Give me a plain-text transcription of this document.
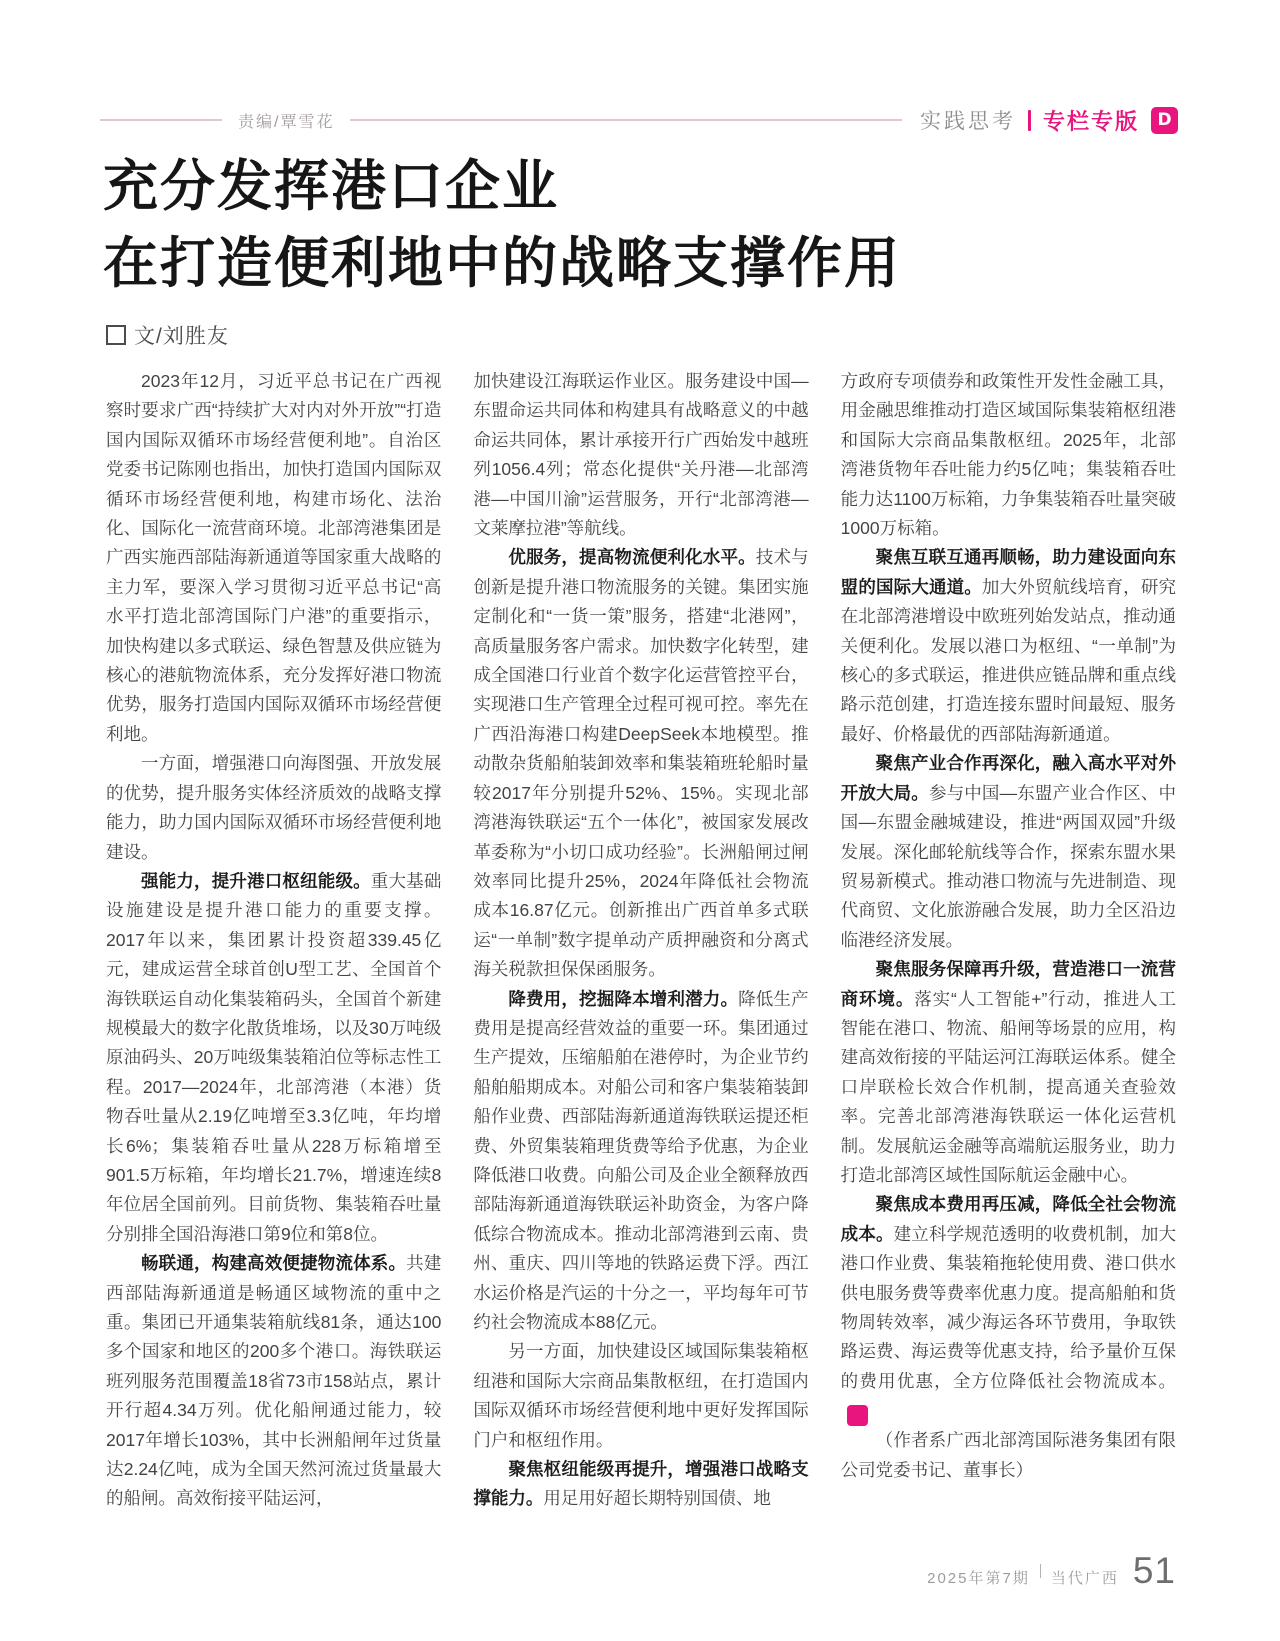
责编/覃雪花	实践思考 专栏专版	D
充分发挥港口企业
在打造便利地中的战略支撑作用
文/刘胜友

2023年12月，习近平总书记在广西视察时要求广西“持续扩大对内对外开放”“打造国内国际双循环市场经营便利地”。自治区党委书记陈刚也指出，加快打造国内国际双循环市场经营便利地，构建市场化、法治化、国际化一流营商环境。北部湾港集团是广西实施西部陆海新通道等国家重大战略的主力军，要深入学习贯彻习近平总书记“高水平打造北部湾国际门户港”的重要指示，加快构建以多式联运、绿色智慧及供应链为核心的港航物流体系，充分发挥好港口物流优势，服务打造国内国际双循环市场经营便利地。

一方面，增强港口向海图强、开放发展的优势，提升服务实体经济质效的战略支撑能力，助力国内国际双循环市场经营便利地建设。

强能力，提升港口枢纽能级。重大基础设施建设是提升港口能力的重要支撑。2017年以来，集团累计投资超339.45亿元，建成运营全球首创U型工艺、全国首个海铁联运自动化集装箱码头，全国首个新建规模最大的数字化散货堆场，以及30万吨级原油码头、20万吨级集装箱泊位等标志性工程。2017—2024年，北部湾港（本港）货物吞吐量从2.19亿吨增至3.3亿吨，年均增长6%；集装箱吞吐量从228万标箱增至901.5万标箱，年均增长21.7%，增速连续8年位居全国前列。目前货物、集装箱吞吐量分别排全国沿海港口第9位和第8位。

畅联通，构建高效便捷物流体系。共建西部陆海新通道是畅通区域物流的重中之重。集团已开通集装箱航线81条，通达100多个国家和地区的200多个港口。海铁联运班列服务范围覆盖18省73市158站点，累计开行超4.34万列。优化船闸通过能力，较2017年增长103%，其中长洲船闸年过货量达2.24亿吨，成为全国天然河流过货量最大的船闸。高效衔接平陆运河，

加快建设江海联运作业区。服务建设中国—东盟命运共同体和构建具有战略意义的中越命运共同体，累计承接开行广西始发中越班列1056.4列；常态化提供“关丹港—北部湾港—中国川渝”运营服务，开行“北部湾港—文莱摩拉港”等航线。

优服务，提高物流便利化水平。技术与创新是提升港口物流服务的关键。集团实施定制化和“一货一策”服务，搭建“北港网”，高质量服务客户需求。加快数字化转型，建成全国港口行业首个数字化运营管控平台，实现港口生产管理全过程可视可控。率先在广西沿海港口构建DeepSeek本地模型。推动散杂货船舶装卸效率和集装箱班轮船时量较2017年分别提升52%、15%。实现北部湾港海铁联运“五个一体化”，被国家发展改革委称为“小切口成功经验”。长洲船闸过闸效率同比提升25%，2024年降低社会物流成本16.87亿元。创新推出广西首单多式联运“一单制”数字提单动产质押融资和分离式海关税款担保保函服务。

降费用，挖掘降本增利潜力。降低生产费用是提高经营效益的重要一环。集团通过生产提效，压缩船舶在港停时，为企业节约船舶船期成本。对船公司和客户集装箱装卸船作业费、西部陆海新通道海铁联运提还柜费、外贸集装箱理货费等给予优惠，为企业降低港口收费。向船公司及企业全额释放西部陆海新通道海铁联运补助资金，为客户降低综合物流成本。推动北部湾港到云南、贵州、重庆、四川等地的铁路运费下浮。西江水运价格是汽运的十分之一，平均每年可节约社会物流成本88亿元。

另一方面，加快建设区域国际集装箱枢纽港和国际大宗商品集散枢纽，在打造国内国际双循环市场经营便利地中更好发挥国际门户和枢纽作用。

聚焦枢纽能级再提升，增强港口战略支撑能力。用足用好超长期特别国债、地

方政府专项债券和政策性开发性金融工具，用金融思维推动打造区域国际集装箱枢纽港和国际大宗商品集散枢纽。2025年，北部湾港货物年吞吐能力约5亿吨；集装箱吞吐能力达1100万标箱，力争集装箱吞吐量突破1000万标箱。

聚焦互联互通再顺畅，助力建设面向东盟的国际大通道。加大外贸航线培育，研究在北部湾港增设中欧班列始发站点，推动通关便利化。发展以港口为枢纽、“一单制”为核心的多式联运，推进供应链品牌和重点线路示范创建，打造连接东盟时间最短、服务最好、价格最优的西部陆海新通道。

聚焦产业合作再深化，融入高水平对外开放大局。参与中国—东盟产业合作区、中国—东盟金融城建设，推进“两国双园”升级发展。深化邮轮航线等合作，探索东盟水果贸易新模式。推动港口物流与先进制造、现代商贸、文化旅游融合发展，助力全区沿边临港经济发展。

聚焦服务保障再升级，营造港口一流营商环境。落实“人工智能+”行动，推进人工智能在港口、物流、船闸等场景的应用，构建高效衔接的平陆运河江海联运体系。健全口岸联检长效合作机制，提高通关查验效率。完善北部湾港海铁联运一体化运营机制。发展航运金融等高端航运服务业，助力打造北部湾区域性国际航运金融中心。

聚焦成本费用再压减，降低全社会物流成本。建立科学规范透明的收费机制，加大港口作业费、集装箱拖轮使用费、港口供水供电服务费等费率优惠力度。提高船舶和货物周转效率，减少海运各环节费用，争取铁路运费、海运费等优惠支持，给予量价互保的费用优惠，全方位降低社会物流成本。D

（作者系广西北部湾国际港务集团有限公司党委书记、董事长）

2025年第7期 当代广西 51
